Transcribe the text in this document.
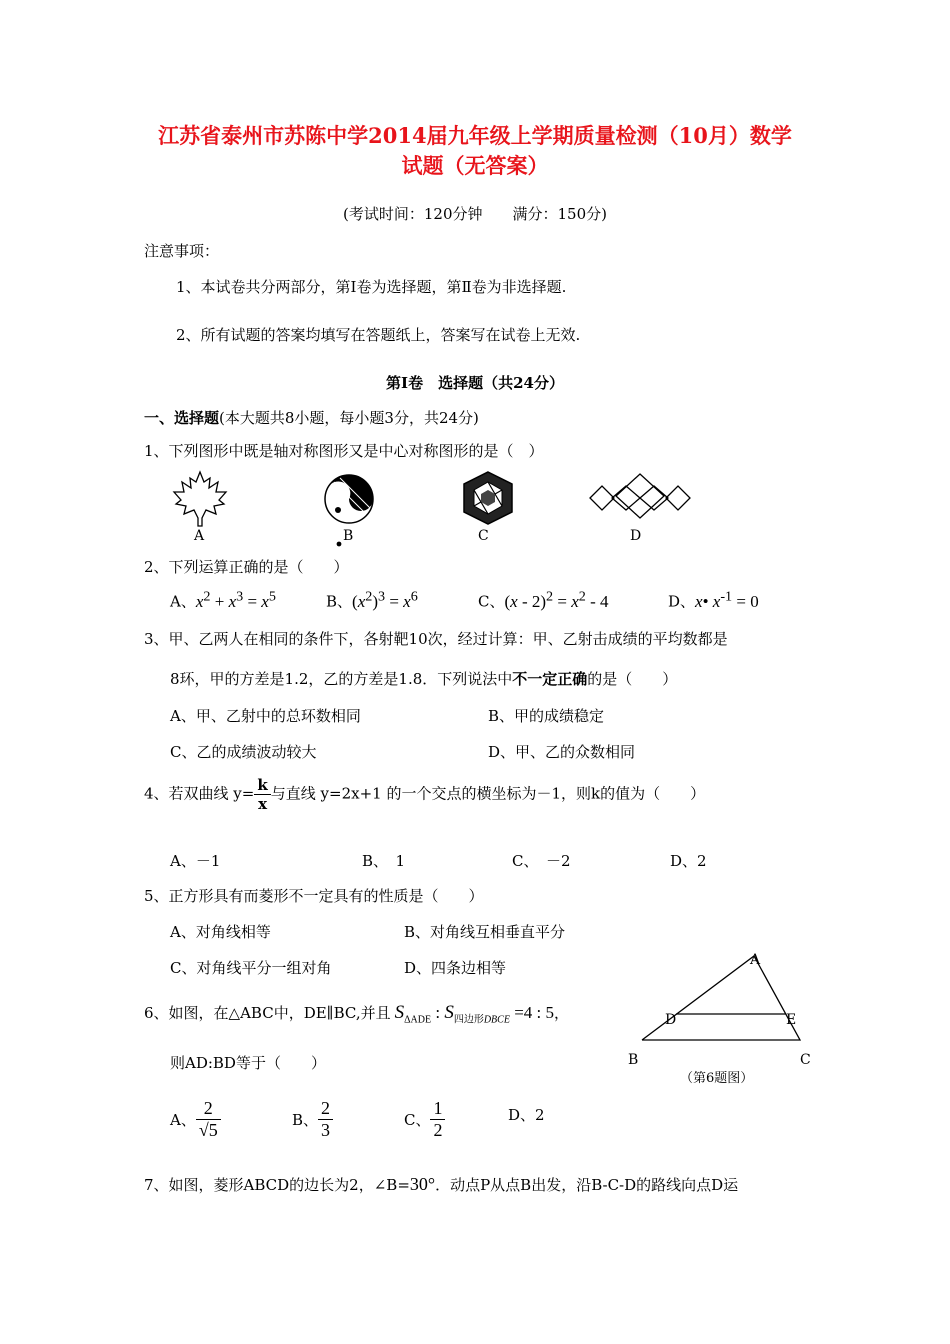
江苏省泰州市苏陈中学2014届九年级上学期质量检测（10月）数学
试题（无答案）
(考试时间：120分钟　　满分：150分)
注意事项：
1、本试卷共分两部分，第Ⅰ卷为选择题，第Ⅱ卷为非选择题.
2、所有试题的答案均填写在答题纸上，答案写在试卷上无效.
第Ⅰ卷　选择题（共24分）
一、选择题(本大题共8小题，每小题3分，共24分)
1、下列图形中既是轴对称图形又是中心对称图形的是（　）
A	B	C	D
2、下列运算正确的是（　　）
A、$x^2 + x^3 = x^5$	B、$(x^2)^3 = x^6$	C、$(x - 2)^2 = x^2 - 4$	D、x• $x^{-1} = 0$
3、甲、乙两人在相同的条件下，各射靶10次，经过计算：甲、乙射击成绩的平均数都是
8环，甲的方差是1.2，乙的方差是1.8．下列说法中不一定正确的是（　　）
A、甲、乙射中的总环数相同	B、甲的成绩稳定
C、乙的成绩波动较大	D、甲、乙的众数相同
4、若双曲线 $y= \frac{k}{x}$ 与直线 y=2x+1 的一个交点的横坐标为－1，则k的值为（　　）
A、－1	B、　1	C、　－2	D、2
5、正方形具有而菱形不一定具有的性质是（　　）
A、对角线相等	B、对角线互相垂直平分
C、对角线平分一组对角	D、四条边相等
6、如图，在△ABC中，DE∥BC,并且 $S_{\Delta ADE}$ : $S_{四边形DBCE} =4$ : 5，
则AD:BD等于（　　）
A
D	E
B	C
（第6题图）
A、 $\frac{2}{√5}$	B、 $\frac{2}{3}$	C、 $\frac{1}{2}$	D、2
7、如图，菱形ABCD的边长为2，∠B=30°．动点P从点B出发，沿B-C-D的路线向点D运
